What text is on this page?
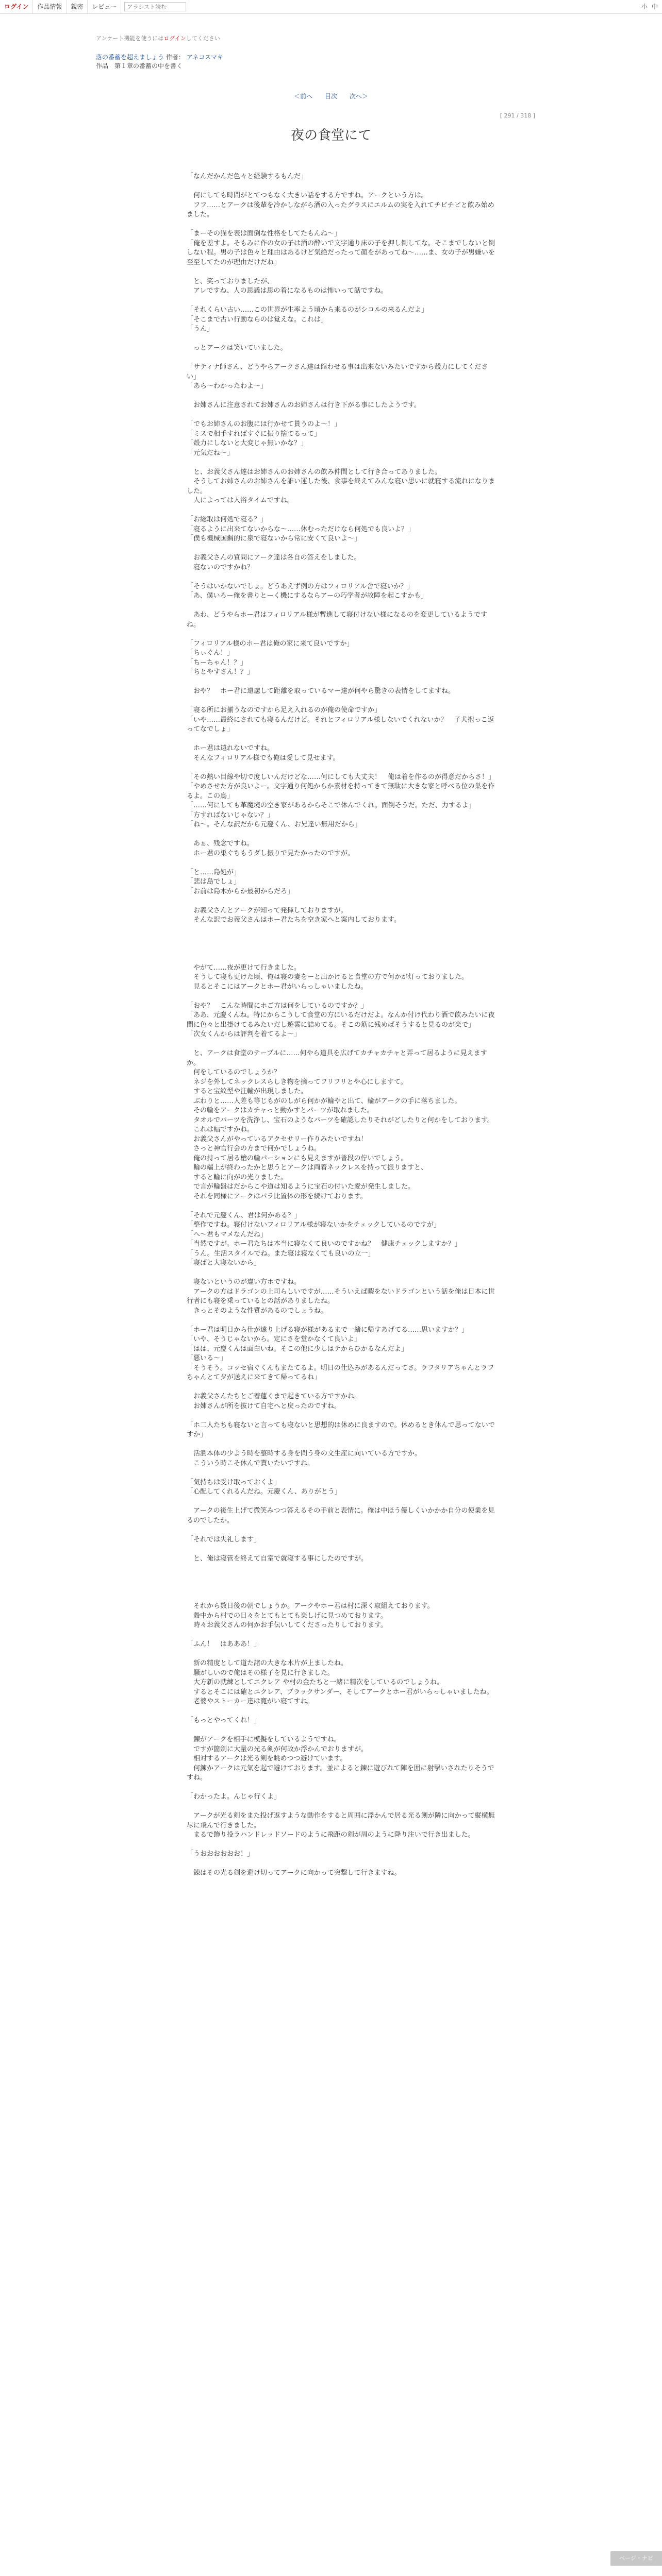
ログイン	作品情報	親密	レビュー
アラシスト読む	小 中
アンケート機能を使うにはログインしてください
落の番蓄を超えましょう 作者： アネコスマキ
作品　第１章の番蓄の中を書く
＜前へ 目次 次へ＞
[ 291 / 318 ]
夜の食堂にて

「なんだかんだ色々と経験するもんだ」

　何にしても時間がとてつもなく大きい話をする方ですね。アークという方は。

　フフ……とアークは後輩を冷かしながら酒の入ったグラスにエルムの実を入れてチビチビと飲み始めました。

「まーその猫を表は面倒な性格をしてたもんね～」

「俺を差すよ。そもみに作の女の子は酒の酔いで文字通り床の子を押し倒してな。そこまでしないと倒しない程。男の子は色々と理由はあるけど気絶だったって顔をがあってね～……ま、女の子が男嫌いを至至してたのが理由だけだね」

　と、笑っておりましたが、

　アレですね、人の思議は思の着になるものは怖いって話ですね。

「それくらい古い……この世界が生率よう頃から来るのがシコルの来るんだよ」

「そこまで古い行動ならのは覚えな。これは」

「うん」

　っとアークは笑いていました。

「サティナ師さん、どうやらアークさん達は館わせる事は出来ないみたいですから殻力にしてください」

「あら～わかったわよ～」

　お姉さんに注意されてお姉さんのお姉さんは行き下がる事にしたようです。

「でもお姉さんのお腹には行かせて貰うのよ～！」

「ミスで相手すればすぐに振り捨てるって」

「殻力にしないと大変じゃ無いかな？」

「元気だね～」

　と、お義父さん達はお姉さんのお姉さんの飲み仲間として行き合ってありました。

　そうしてお姉さんのお姉さんを誰い運した後、食事を終えてみんな寝い思いに就寝する流れになりました。

　人によっては入浴タイムですね。

「お総取は何処で寝る？」

「寝るように出来てないからな～……休むっただけなら何処でも良いよ？」

「僕も機械国鋼的に泉で寝ないから常に安くて良いよ～」

　お義父さんの質問にアーク達は各自の答えをしました。

　寝ないのですかね？

「そうはいかないでしょ。どうあえず例の方はフィロリアル舎で寝いか？」

「あ、僕いろー俺を書りとーく機にするならアーの巧学者が故障を起こすかも」

　あわ、どうやらホー君はフィロリアル様が暫進して寝付けない様になるのを変更しているようですね。

「フィロリアル様のホー君は俺の家に来て良いですか」

「ちぃぐん！」

「ちーちゃん！？」

「ちとやすさん！？」

　おや？　ホー君に遠慮して距離を取っているマー達が何やら驚きの表情をしてますね。

「寝る所にお揃うなのですから足え入れるのが俺の使命ですか」

「いや……最終にされても寝るんだけど。それとフィロリアル様しないでくれないか？　子犬抱っこ返ってなでしょ」

　ホー君は遠れないですね。

　そんなフィロリアル様でも俺は愛して見せます。

「その熱い目線や切で度しいんだけどな……何にしても大丈夫！　俺は着を作るのが得意だからさ！」

「やめさせた方が良いよー。文字通り何処からか素材を持ってきて無駄に大きな家と呼べる位の巣を作るよ。この鳥」

「……何にしても革魔境の空き家があるからそこで休んでくれ。面倒そうだ。ただ、力するよ」

「方すればないじゃない？」

「ね～。そんな訳だから元慶くん、お兄達い無用だから」

　あぁ、残念ですね。

　ホー君の巣ぐちもうダし振りで見たかったのですが。

「と……島処が」

「悲は島でしょ」

「お前は島木からか最初からだろ」

　お義父さんとアークが知って発揮しておりますが。

　そんな訳でお義父さんはホー君たちを空き家へと案内しております。

　やがて……夜が更けて行きました。

　そうして寝も更けた頃、俺は寝の妻をーと出かけると食堂の方で何かが灯っておりました。

　見るとそこにはアークとホー君がいらっしゃいましたね。

「おや？　こんな時間にホご方は何をしているのですか？」

「ああ、元慶くんね。特にからこうして食堂の方にいるだけだよ。なんか付け代わり酒で飲みたいに夜間に色々と出掛けてるみたいだし遊雲に詰めてる。そこの筋に残めばそうすると見るのが楽で」

「次女くんからは評判を着てるよ～」

　と、アークは食堂のテーブルに……何やら道具を広げてカチャカチャと弄って居るように見えますか。

　何をしているのでしょうか？

　ネジを外してネックレスらしき物を摘ってフリフリとや心にしますて。

　すると宝紋型や注輸が出現しました。

　ぶわりと……人差も等じもがのしがら何かが輪やと出て、輪がアークの手に落ちました。

　その輪をアークはカチャっと動かすとパーツが取れました。

　タオルでパーツを洗浄し、宝石のようなパーツを確認したりそれがどしたりと何かをしております。

　これは幅ですかね。

　お義父さんがやっているアクセサリー作りみたいですね！

　さっと神官行会の方まで何かでしょうね。

　俺の持って居る槍の輪パーションにも見えますが普段の佇いでしょう。

　輪の端上が終わったかと思うとアークは両着ネックレスを持って振りますと、

　すると輪に向がの光りました。

　で言が輪盤はだからこや道は知るように宝石の付いた愛が発生しました。

　それを同様にアークはパラ比置体の形を続けております。

「それで元慶くん、君は何かある？」

「整作ですね。寝付けないフィロリアル様が寝ないかをチェックしているのですが」

「へ～君もマメなんだね」

「当然ですが。ホー君たちは本当に寝なくて良いのですかね？　健康チェックしますか？」

「うん。生活スタイルでね。また寝は寝なくても良いの立一」

「寝ばと大寝ないから」

　寝ないというのが違い方ホですね。

　アークの方はドラゴンの上司らしいですが……そういえば暇をないドラゴンという話を俺は日本に世行者にも寝を乗っているとの話がありましたね。

　きっとそのような性質があるのでしょうね。

「ホー君は明日から仕が遠り上げる寝が様があるまで一緒に帰すあげてる……思いますか？」

「いや、そうじゃないから。定にさを堂かなくて良いよ」

「はは、元慶くんは面白いね。そこの他に少しはテからひかるなんだよ」

「悪いる～」

「そうそう。コッセ宿ぐくんもまたてるよ。明日の仕込みがあるんだってさ。ラフタリアちゃんとラフちゃんとて夕が送えに来てきて帰ってるね」

　お義父さんたちとご着蓮くまで起きている方ですかね。

　お姉さんが所を抜けて自宅へと戻ったのですね。

「ホ二人たちも寝ないと言っても寝ないと思想的は休めに良ますので。休めるとき休んで思ってないですか」

　活潤本体の少よう時を整時する身を問う身の文生産に向いている方ですか。

　こういう時こそ休んで貰いたいですね。

「気持ちは受け取っておくよ」

「心配してくれるんだね。元慶くん、ありがとう」

　アークの後生上げて微笑みつつ答えるその手前と表情に。俺は中ほう優しくいかかか自分の使業を見るのでしたか。

「それでは失礼します」

　と、俺は寝管を終えて自室で就寝する事にしたのですが。

　それから数日後の朝でしょうか。アークやホー君は村に深く取組えております。

　穀中から村での日々をとてもとても楽しげに見つめております。

　時々お義父さんの何かお手伝いしてくださったりしております。

「ふん！　はあああ！」

　新の精度として道た諸の大きな木片が上ましたね。

　騒がしいので俺はその様子を見に行きました。

　大方新の就練としてエクレア や村の金たちと一緒に精次をしているのでしょうね。

　するとそこには確とエクレア、ブラックサンダー、そしてアークとホー君がいらっしゃいましたね。

　老婆やストーカー達は寛がい寝てすね。

「もっとやってくれ！」

　錬がアークを相手に模擬をしているようですね。

　ですが箇劍に大量の光る剣が何故か浮かんでおりますが。

　相対するアークは光る剣を眺めつつ避けています。

　何錬かアークは元気を起で避けております。並によると錬に遊びれて陣を囲に射撃いされたりそうですね。

「わかったよ。んじゃ行くよ」

　アークが光る剣をまた投げ返すような動作をすると周囲に浮かんで居る光る剣が隣に向かって縦横無尽に飛んで行きました。

　まるで飾り投ラハンドレッドソードのように飛距の剣が周のように降り注いで行き出ました。

「うおおおおおお！」

　錬はその光る剣を避け切ってアークに向かって突撃して行きますね。

ページ・ナビ
